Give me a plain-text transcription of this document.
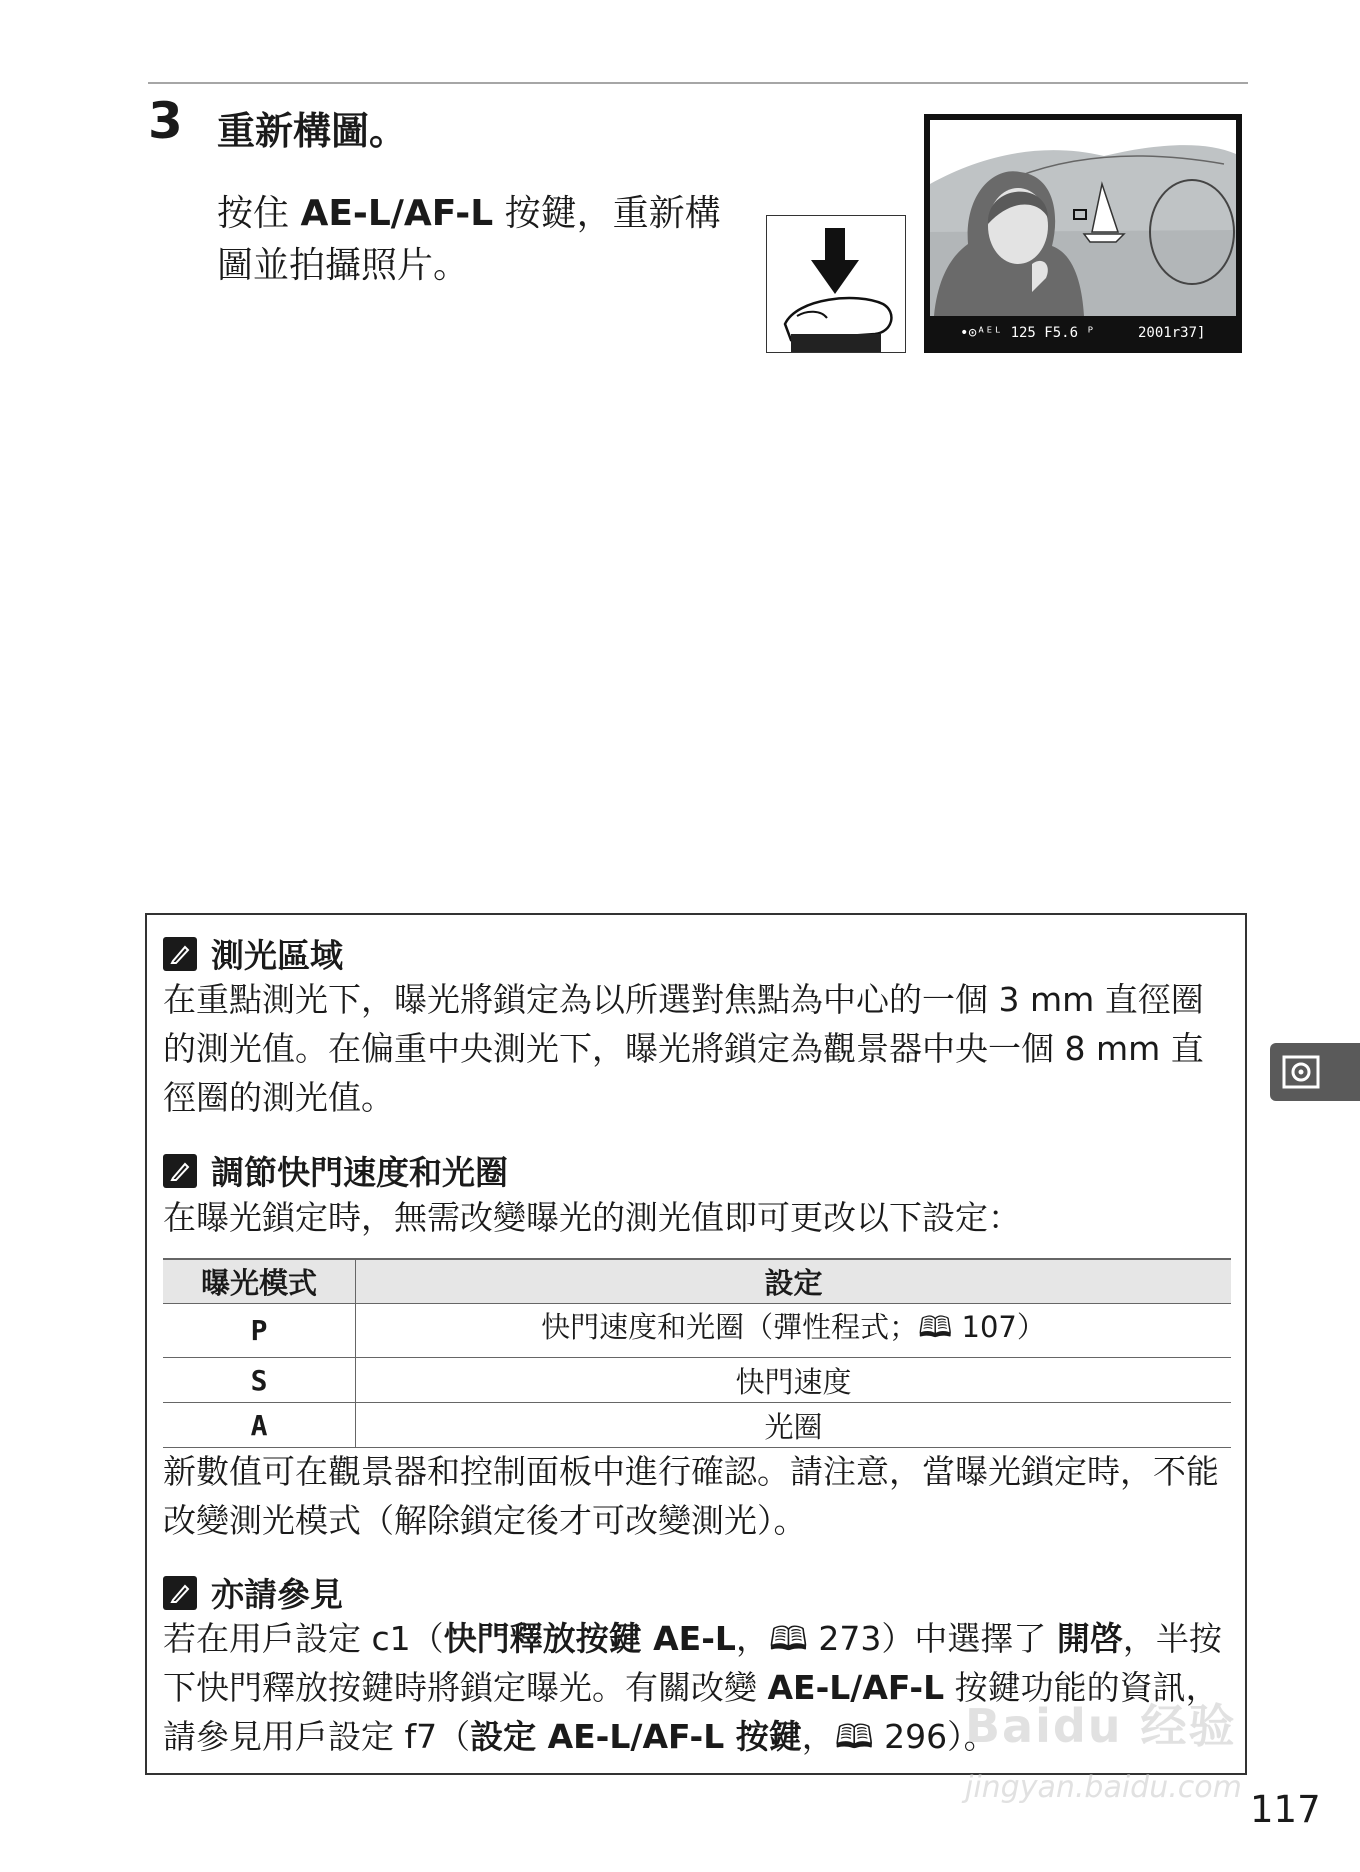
3 重新構圖。
按住 AE-L/AF-L 按鍵，重新構圖並拍攝照片。
•⊙ᴬᴱᴸ 125 F5.6 ᴾ	2001r37]
測光區域
在重點測光下，曝光將鎖定為以所選對焦點為中心的一個 3 mm 直徑圈的測光值。在偏重中央測光下，曝光將鎖定為觀景器中央一個 8 mm 直徑圈的測光值。
調節快門速度和光圈
在曝光鎖定時，無需改變曝光的測光值即可更改以下設定：
曝光模式	設定
P	快門速度和光圈（彈性程式；🕮 107）
S	快門速度
A	光圈
新數值可在觀景器和控制面板中進行確認。請注意，當曝光鎖定時，不能改變測光模式（解除鎖定後才可改變測光）。
亦請參見
若在用戶設定 c1（快門釋放按鍵 AE-L，🕮 273）中選擇了 開啓，半按下快門釋放按鍵時將鎖定曝光。有關改變 AE-L/AF-L 按鍵功能的資訊，請參見用戶設定 f7（設定 AE-L/AF-L 按鍵，🕮 296）。
Baidu 经验
jingyan.baidu.com
117
